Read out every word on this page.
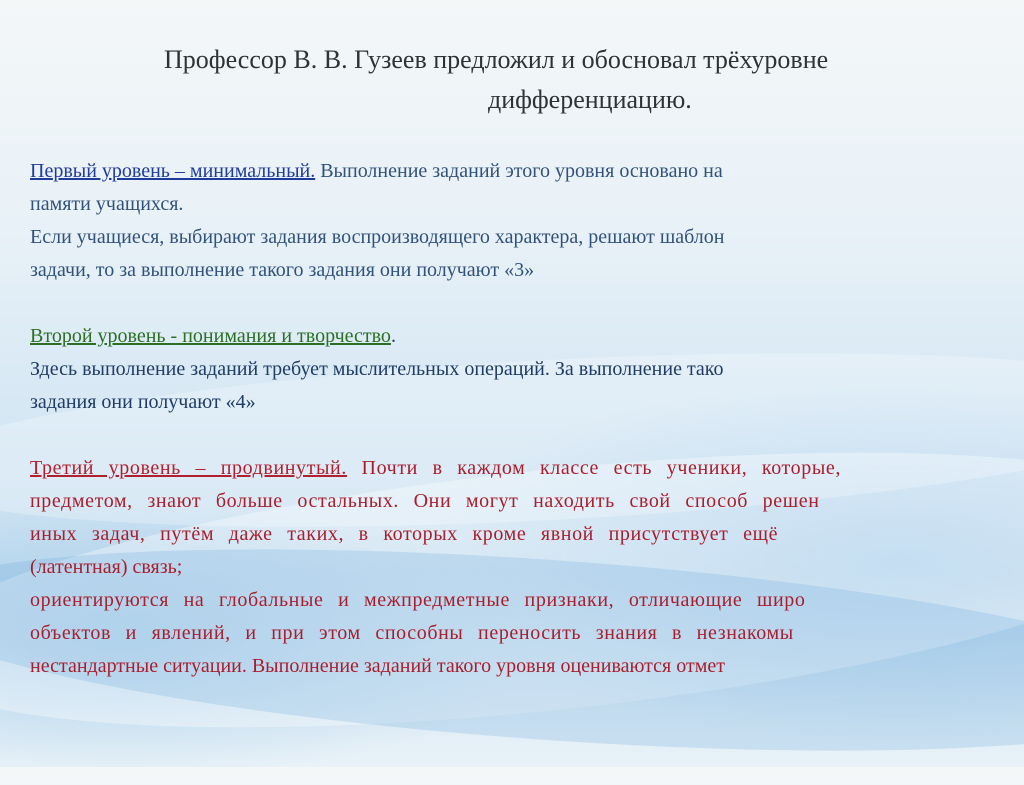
Профессор В. В. Гузеев предложил и обосновал трёхуровне
дифференциацию.

Первый уровень – минимальный. Выполнение заданий этого уровня основано на
памяти учащихся.
Если учащиеся, выбирают задания воспроизводящего характера, решают шаблон
задачи, то за выполнение такого задания они получают «3»

Второй уровень - понимания и творчество.
Здесь выполнение заданий требует мыслительных операций. За выполнение тако
задания они получают «4»

Третий уровень – продвинутый. Почти в каждом классе есть ученики, которые,
предметом, знают больше остальных. Они могут находить свой способ решен
иных задач, путём даже таких, в которых кроме явной присутствует ещё
(латентная) связь;
ориентируются на глобальные и межпредметные признаки, отличающие широ
объектов и явлений, и при этом способны переносить знания в незнакомы
нестандартные ситуации. Выполнение заданий такого уровня оцениваются отмет
